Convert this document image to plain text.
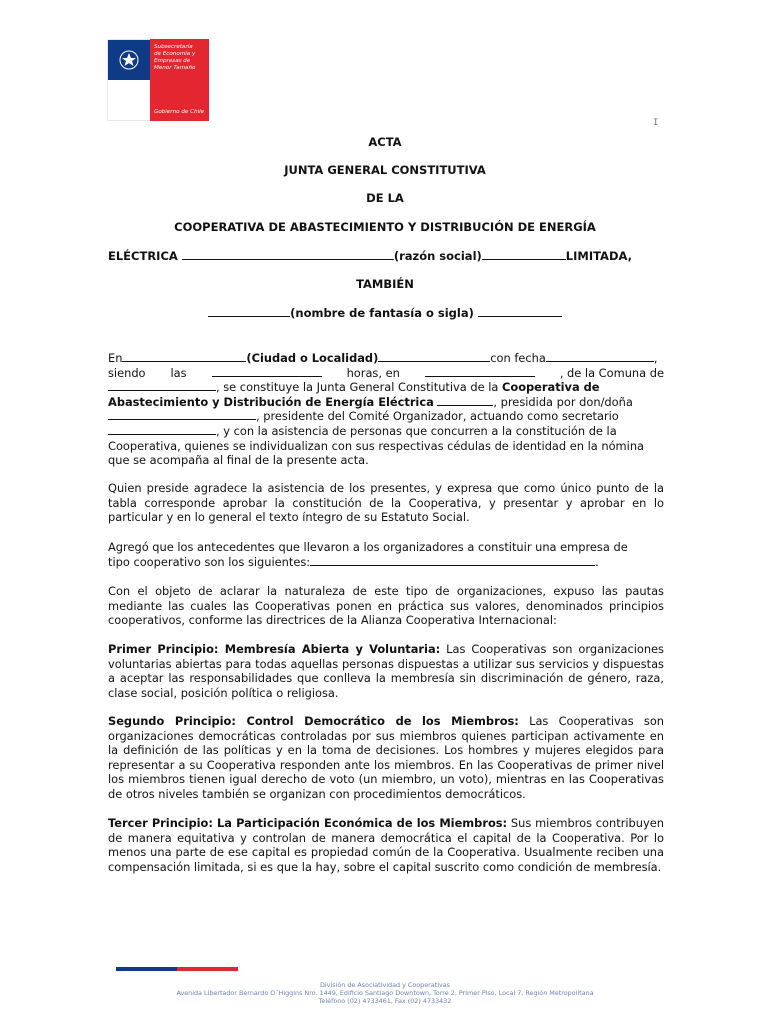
Subsecretaría
de Economía y
Empresas de
Menor Tamaño
Gobierno de Chile
I
ACTA
JUNTA GENERAL CONSTITUTIVA
DE LA
COOPERATIVA DE ABASTECIMIENTO Y DISTRIBUCIÓN DE ENERGÍA
ELÉCTRICA	(razón social)	LIMITADA,
TAMBIÉN
(nombre de fantasía o sigla)
En	(Ciudad o Localidad)	con fecha	,
siendo las	horas, en	, de la Comuna de
, se constituye la Junta General Constitutiva de la Cooperativa de
Abastecimiento y Distribución de Energía Eléctrica	, presidida por don/doña
, presidente del Comité Organizador, actuando como secretario
, y con la asistencia de personas que concurren a la constitución de la
Cooperativa, quienes se individualizan con sus respectivas cédulas de identidad en la nómina
que se acompaña al final de la presente acta.
Quien preside agradece la asistencia de los presentes, y expresa que como único punto de la tabla corresponde aprobar la constitución de la Cooperativa, y presentar y aprobar en lo particular y en lo general el texto íntegro de su Estatuto Social.
Agregó que los antecedentes que llevaron a los organizadores a constituir una empresa de
tipo cooperativo son los siguientes:	.
Con el objeto de aclarar la naturaleza de este tipo de organizaciones, expuso las pautas mediante las cuales las Cooperativas ponen en práctica sus valores, denominados principios cooperativos, conforme las directrices de la Alianza Cooperativa Internacional:
Primer Principio: Membresía Abierta y Voluntaria: Las Cooperativas son organizaciones voluntarias abiertas para todas aquellas personas dispuestas a utilizar sus servicios y dispuestas a aceptar las responsabilidades que conlleva la membresía sin discriminación de género, raza, clase social, posición política o religiosa.
Segundo Principio: Control Democrático de los Miembros: Las Cooperativas son organizaciones democráticas controladas por sus miembros quienes participan activamente en la definición de las políticas y en la toma de decisiones. Los hombres y mujeres elegidos para representar a su Cooperativa responden ante los miembros. En las Cooperativas de primer nivel los miembros tienen igual derecho de voto (un miembro, un voto), mientras en las Cooperativas de otros niveles también se organizan con procedimientos democráticos.
Tercer Principio: La Participación Económica de los Miembros: Sus miembros contribuyen de manera equitativa y controlan de manera democrática el capital de la Cooperativa. Por lo menos una parte de ese capital es propiedad común de la Cooperativa. Usualmente reciben una compensación limitada, si es que la hay, sobre el capital suscrito como condición de membresía.
División de Asociatividad y Cooperativas
Avenida Libertador Bernardo O´Higgins Nro. 1449, Edificio Santiago Downtown, Torre 2, Primer Piso, Local 7, Región Metropolitana
Teléfono (02) 4733461, Fax (02) 4733432
